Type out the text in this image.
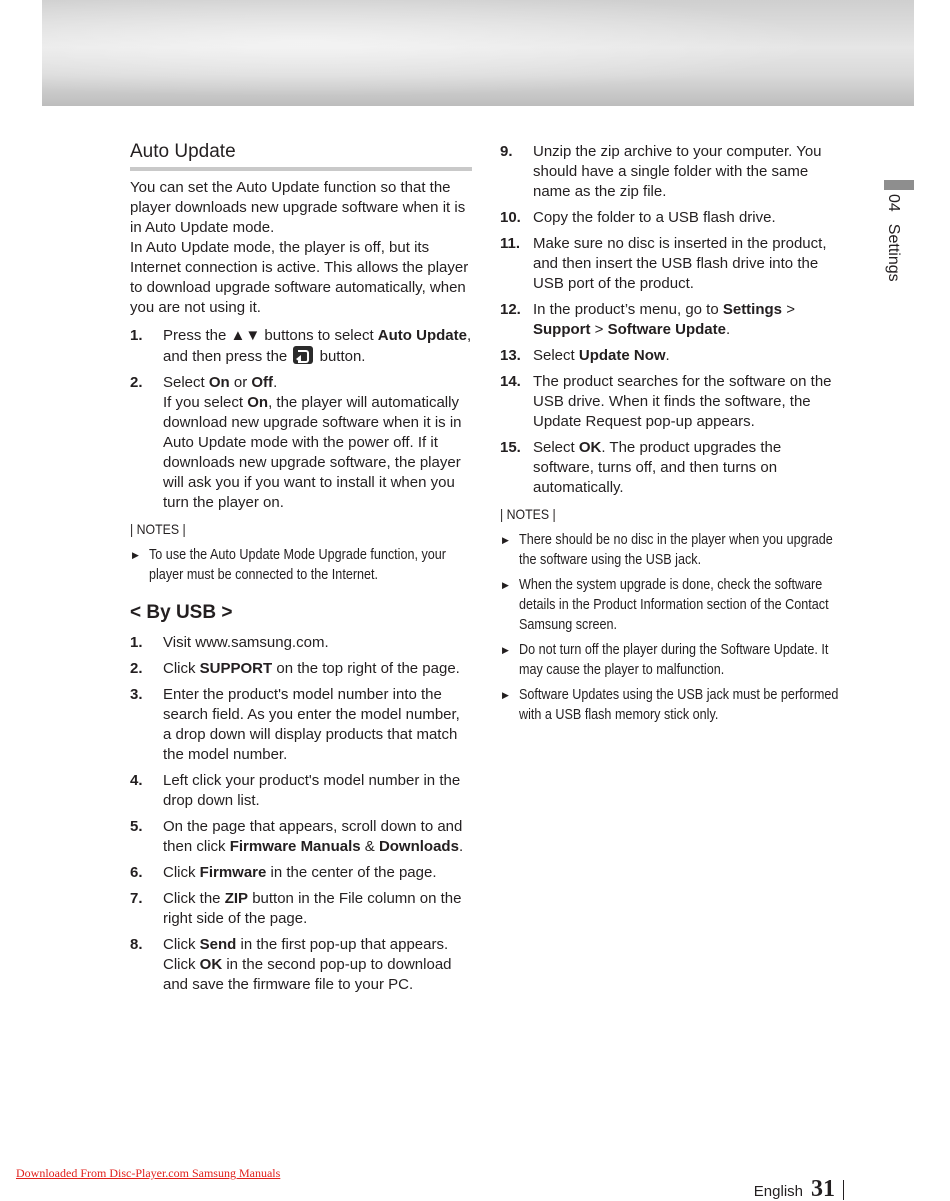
04Settings
Auto Update

You can set the Auto Update function so that the player downloads new upgrade software when it is in Auto Update mode.

In Auto Update mode, the player is off, but its Internet connection is active. This allows the player to download upgrade software automatically, when you are not using it.

1.	Press the ▲▼ buttons to select Auto Update, and then press the  button.
2.	Select On or Off.
If you select On, the player will automatically download new upgrade software when it is in Auto Update mode with the power off. If it downloads new upgrade software, the player will ask you if you want to install it when you turn the player on.
| NOTES |
▶ To use the Auto Update Mode Upgrade function, your player must be connected to the Internet.
< By USB >
1.	Visit www.samsung.com.
2.	Click SUPPORT on the top right of the page.
3.	Enter the product's model number into the search field. As you enter the model number, a drop down will display products that match the model number.
4.	Left click your product's model number in the drop down list.
5.	On the page that appears, scroll down to and then click Firmware Manuals & Downloads.
6.	Click Firmware in the center of the page.
7.	Click the ZIP button in the File column on the right side of the page.
8.	Click Send in the first pop-up that appears. Click OK in the second pop-up to download and save the firmware file to your PC.
9.	Unzip the zip archive to your computer. You should have a single folder with the same name as the zip file.
10. Copy the folder to a USB flash drive.
11. Make sure no disc is inserted in the product, and then insert the USB flash drive into the USB port of the product.
12. In the product’s menu, go to Settings > Support > Software Update.
13. Select Update Now.
14. The product searches for the software on the USB drive. When it finds the software, the Update Request pop-up appears.
15. Select OK. The product upgrades the software, turns off, and then turns on automatically.
| NOTES |
▶ There should be no disc in the player when you upgrade the software using the USB jack.
▶ When the system upgrade is done, check the software details in the Product Information section of the Contact Samsung screen.
▶ Do not turn off the player during the Software Update. It may cause the player to malfunction.
▶ Software Updates using the USB jack must be performed with a USB flash memory stick only.
Downloaded From Disc-Player.com Samsung Manuals
English 31
